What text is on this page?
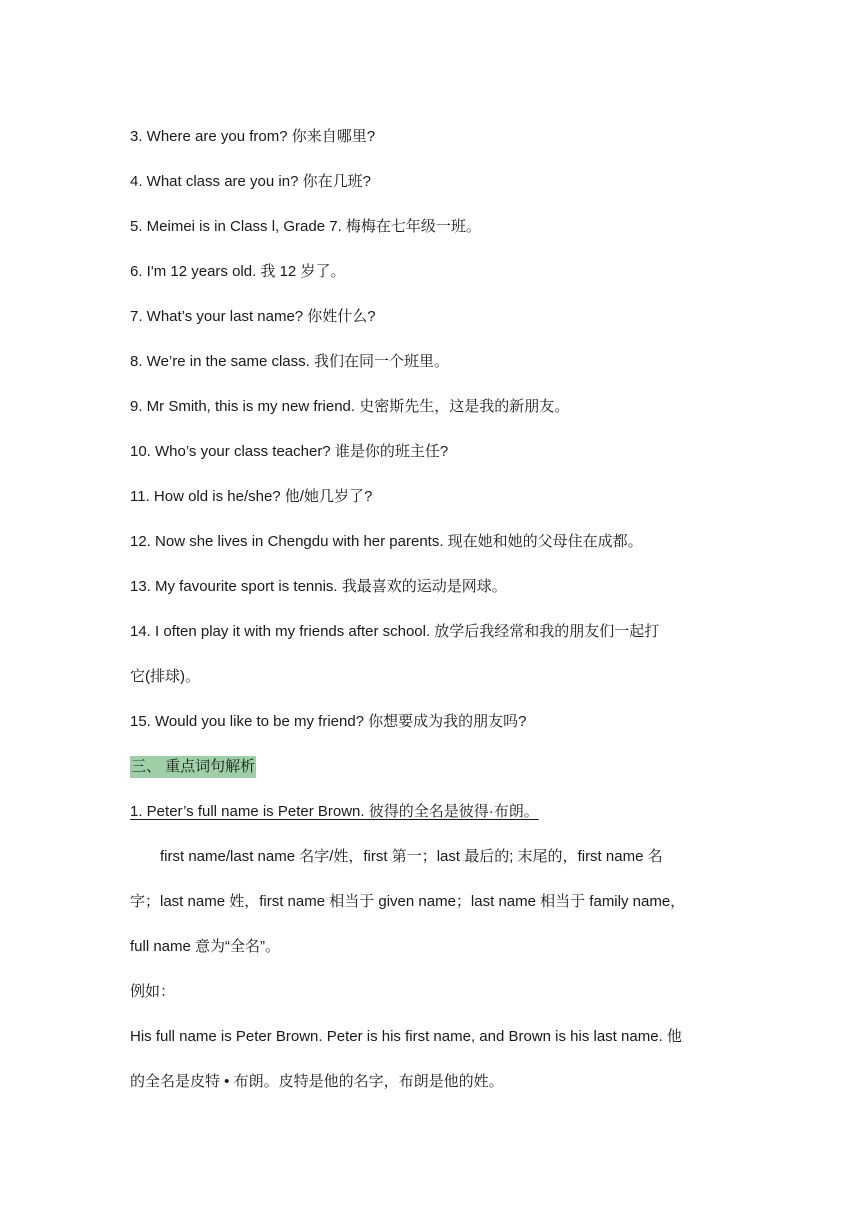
3. Where are you from? 你来自哪里?

4. What class are you in? 你在几班?

5. Meimei is in Class l, Grade 7. 梅梅在七年级一班。

6. I'm 12 years old. 我 12 岁了。

7. What’s your last name? 你姓什么?

8. We’re in the same class. 我们在同一个班里。

9. Mr Smith, this is my new friend. 史密斯先生，这是我的新朋友。

10. Who’s your class teacher? 谁是你的班主任?

11. How old is he/she? 他/她几岁了?

12. Now she lives in Chengdu with her parents. 现在她和她的父母住在成都。

13. My favourite sport is tennis. 我最喜欢的运动是网球。

14. I often play it with my friends after school. 放学后我经常和我的朋友们一起打

它(排球)。

15. Would you like to be my friend? 你想要成为我的朋友吗?

三、 重点词句解析

1. Peter’s full name is Peter Brown. 彼得的全名是彼得·布朗。

first name/last name 名字/姓，first 第一；last 最后的; 末尾的，first name 名

字；last name 姓，first name 相当于 given name；last name 相当于 family name，

full name 意为“全名”。

例如：

His full name is Peter Brown. Peter is his first name, and Brown is his last name. 他

的全名是皮特 • 布朗。皮特是他的名字，布朗是他的姓。
